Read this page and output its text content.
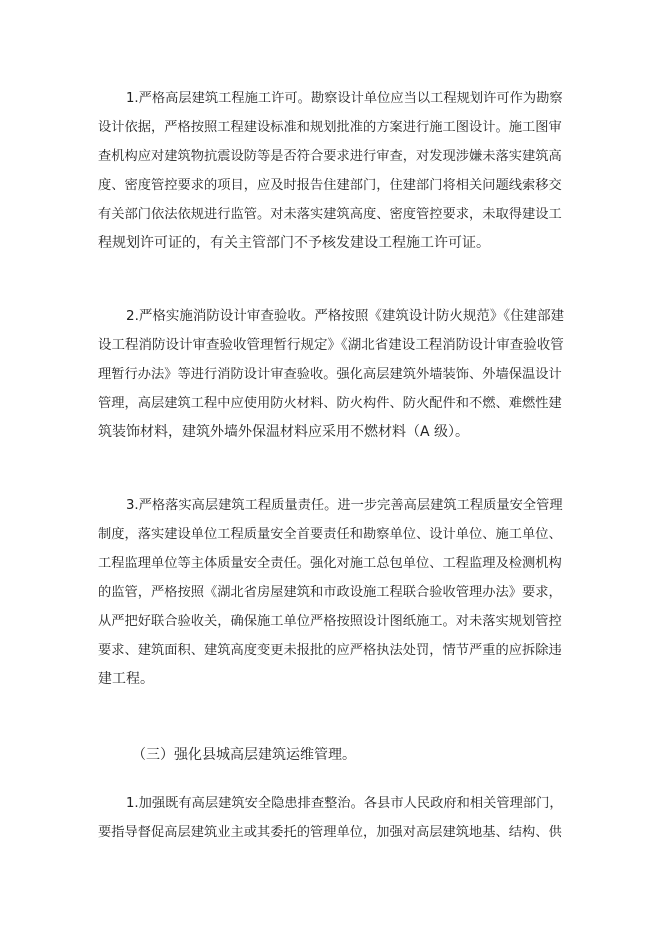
1.严格高层建筑工程施工许可。勘察设计单位应当以工程规划许可作为勘察
设计依据，严格按照工程建设标准和规划批准的方案进行施工图设计。施工图审
查机构应对建筑物抗震设防等是否符合要求进行审查，对发现涉嫌未落实建筑高
度、密度管控要求的项目，应及时报告住建部门，住建部门将相关问题线索移交
有关部门依法依规进行监管。对未落实建筑高度、密度管控要求，未取得建设工
程规划许可证的，有关主管部门不予核发建设工程施工许可证。
2.严格实施消防设计审查验收。严格按照《建筑设计防火规范》《住建部建
设工程消防设计审查验收管理暂行规定》《湖北省建设工程消防设计审查验收管
理暂行办法》等进行消防设计审查验收。强化高层建筑外墙装饰、外墙保温设计
管理，高层建筑工程中应使用防火材料、防火构件、防火配件和不燃、难燃性建
筑装饰材料，建筑外墙外保温材料应采用不燃材料（A 级）。
3.严格落实高层建筑工程质量责任。进一步完善高层建筑工程质量安全管理
制度，落实建设单位工程质量安全首要责任和勘察单位、设计单位、施工单位、
工程监理单位等主体质量安全责任。强化对施工总包单位、工程监理及检测机构
的监管，严格按照《湖北省房屋建筑和市政设施工程联合验收管理办法》要求，
从严把好联合验收关，确保施工单位严格按照设计图纸施工。对未落实规划管控
要求、建筑面积、建筑高度变更未报批的应严格执法处罚，情节严重的应拆除违
建工程。
（三）强化县城高层建筑运维管理。
1.加强既有高层建筑安全隐患排查整治。各县市人民政府和相关管理部门，
要指导督促高层建筑业主或其委托的管理单位，加强对高层建筑地基、结构、供
